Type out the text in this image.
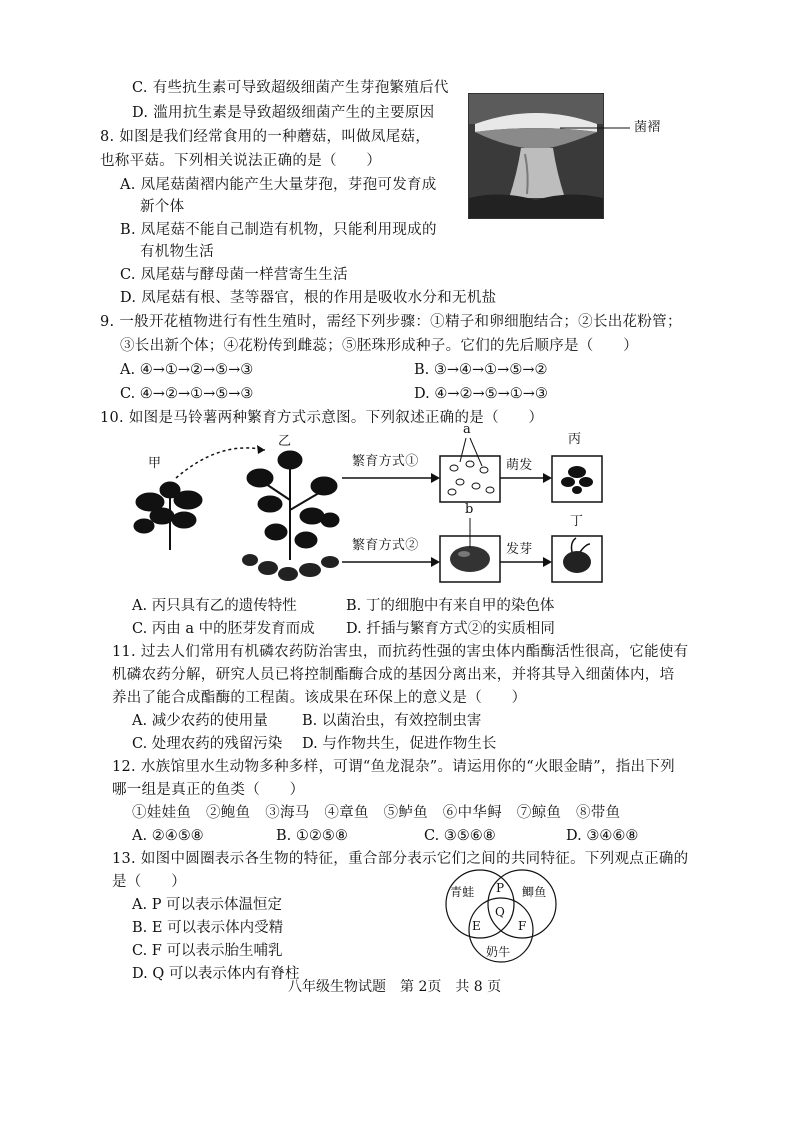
C. 有些抗生素可导致超级细菌产生芽孢繁殖后代
D. 滥用抗生素是导致超级细菌产生的主要原因
8. 如图是我们经常食用的一种蘑菇，叫做凤尾菇，
也称平菇。下列相关说法正确的是（　　）
A. 凤尾菇菌褶内能产生大量芽孢，芽孢可发育成
新个体
B. 凤尾菇不能自己制造有机物，只能利用现成的
有机物生活
C. 凤尾菇与酵母菌一样营寄生生活
D. 凤尾菇有根、茎等器官，根的作用是吸收水分和无机盐
菌褶
9. 一般开花植物进行有性生殖时，需经下列步骤：①精子和卵细胞结合；②长出花粉管；
③长出新个体；④花粉传到雌蕊；⑤胚珠形成种子。它们的先后顺序是（　　）
A. ④→①→②→⑤→③	B. ③→④→①→⑤→②
C. ④→②→①→⑤→③	D. ④→②→⑤→①→③
10. 如图是马铃薯两种繁育方式示意图。下列叙述正确的是（　　）
甲
乙
繁育方式①
繁育方式②
a
b
萌发
发芽
丙
丁
A. 丙只具有乙的遗传特性	B. 丁的细胞中有来自甲的染色体
C. 丙由 a 中的胚芽发育而成 D. 扦插与繁育方式②的实质相同
11. 过去人们常用有机磷农药防治害虫，而抗药性强的害虫体内酯酶活性很高，它能使有
机磷农药分解，研究人员已将控制酯酶合成的基因分离出来，并将其导入细菌体内，培
养出了能合成酯酶的工程菌。该成果在环保上的意义是（　　）
A. 减少农药的使用量 B. 以菌治虫，有效控制虫害
C. 处理农药的残留污染 D. 与作物共生，促进作物生长
12. 水族馆里水生动物多种多样，可谓“鱼龙混杂”。请运用你的“火眼金睛”，指出下列
哪一组是真正的鱼类（　　）
①娃娃鱼　②鲍鱼　③海马　④章鱼　⑤鲈鱼　⑥中华鲟　⑦鲸鱼　⑧带鱼
A. ②④⑤⑧	B. ①②⑤⑧	C. ③⑤⑥⑧	D. ③④⑥⑧
13. 如图中圆圈表示各生物的特征，重合部分表示它们之间的共同特征。下列观点正确的
是（　　）
A. P 可以表示体温恒定
B. E 可以表示体内受精
C. F 可以表示胎生哺乳
D. Q 可以表示体内有脊柱
青蛙	鲫鱼
奶牛
P
Q
E	F
八年级生物试题　第 2页　共 8 页
